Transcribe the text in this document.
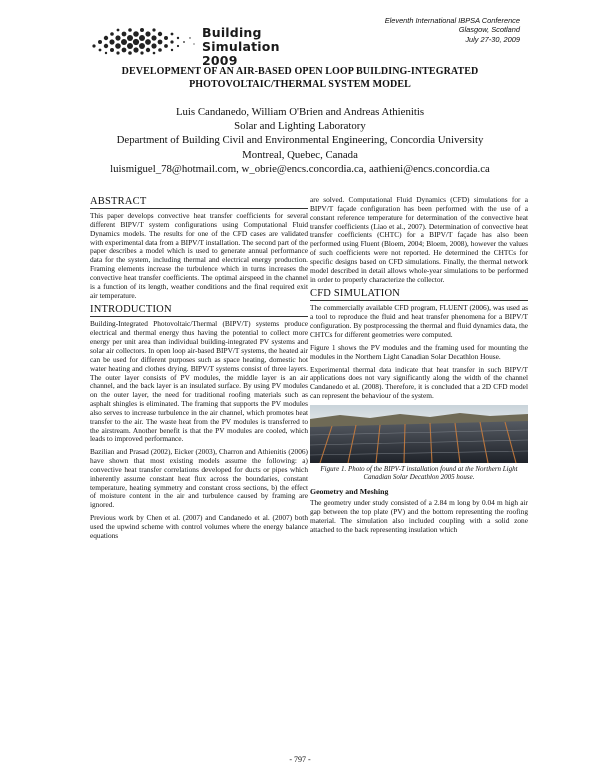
Building Simulation
2009
Eleventh International IBPSA Conference
Glasgow, Scotland
July 27-30, 2009
DEVELOPMENT OF AN AIR-BASED OPEN LOOP BUILDING-INTEGRATED
PHOTOVOLTAIC/THERMAL SYSTEM MODEL
Luis Candanedo, William O'Brien and Andreas Athienitis
Solar and Lighting Laboratory
Department of Building Civil and Environmental Engineering, Concordia University
Montreal, Quebec, Canada
luismiguel_78@hotmail.com, w_obrie@encs.concordia.ca, aathieni@encs.concordia.ca
ABSTRACT

This paper develops convective heat transfer coefficients for several different BIPV/T system configurations using Computational Fluid Dynamics models. The results for one of the CFD cases are validated with experimental data from a BIPV/T installation. The second part of the paper describes a model which is used to generate annual performance data for the system, including thermal and electrical energy production. Framing elements increase the turbulence which in turns increases the convective heat transfer coefficients. The optimal airspeed in the channel is a function of its length, weather conditions and the final required exit air temperature.

INTRODUCTION

Building-Integrated Photovoltaic/Thermal (BIPV/T) systems produce electrical and thermal energy thus having the potential to collect more energy per unit area than individual building-integrated PV systems and solar air collectors. In open loop air-based BIPV/T systems, the heated air can be used for different purposes such as space heating, domestic hot water heating and clothes drying. BIPV/T systems consist of three layers. The outer layer consists of PV modules, the middle layer is an air channel, and the back layer is an insulated surface. By using PV modules on the outer layer, the need for traditional roofing materials such as asphalt shingles is eliminated. The framing that supports the PV modules also serves to increase turbulence in the air channel, which promotes heat transfer to the air. The waste heat from the PV modules is transferred to the airstream. Another benefit is that the PV modules are cooled, which leads to improved performance.

Bazilian and Prasad (2002), Eicker (2003), Charron and Athienitis (2006) have shown that most existing models assume the following: a) convective heat transfer correlations developed for ducts or pipes which inherently assume constant heat flux across the boundaries, constant temperature, heating symmetry and constant cross sections, b) the effect of moisture content in the air and turbulence caused by framing are ignored.

Previous work by Chen et al. (2007) and Candanedo et al. (2007) both used the upwind scheme with control volumes where the energy balance equations

are solved. Computational Fluid Dynamics (CFD) simulations for a BIPV/T façade configuration has been performed with the use of a constant reference temperature for determination of the convective heat transfer coefficients (Liao et al., 2007). Determination of convective heat transfer coefficients (CHTC) for a BIPV/T façade has also been performed using Fluent (Bloem, 2004; Bloem, 2008), however the values of such coefficients were not reported. He determined the CHTCs for specific designs based on CFD simulations. Finally, the thermal network model described in detail allows whole-year simulations to be performed in order to properly characterize the collector.

CFD SIMULATION

The commercially available CFD program, FLUENT (2006), was used as a tool to reproduce the fluid and heat transfer phenomena for a BIPV/T configuration. By postprocessing the thermal and fluid dynamics data, the CHTCs for different geometries were computed.

Figure 1 shows the PV modules and the framing used for mounting the modules in the Northern Light Canadian Solar Decathlon House.

Experimental thermal data indicate that heat transfer in such BIPV/T applications does not vary significantly along the width of the channel Candanedo et al. (2008). Therefore, it is concluded that a 2D CFD model can represent the behaviour of the system.

Figure 1. Photo of the BIPV-T installation found at the Northern Light Canadian Solar Decathlon 2005 house.
Geometry and Meshing

The geometry under study consisted of a 2.84 m long by 0.04 m high air gap between the top plate (PV) and the bottom representing the roofing material. The simulation also included coupling with a solid zone attached to the back representing insulation which

- 797 -
